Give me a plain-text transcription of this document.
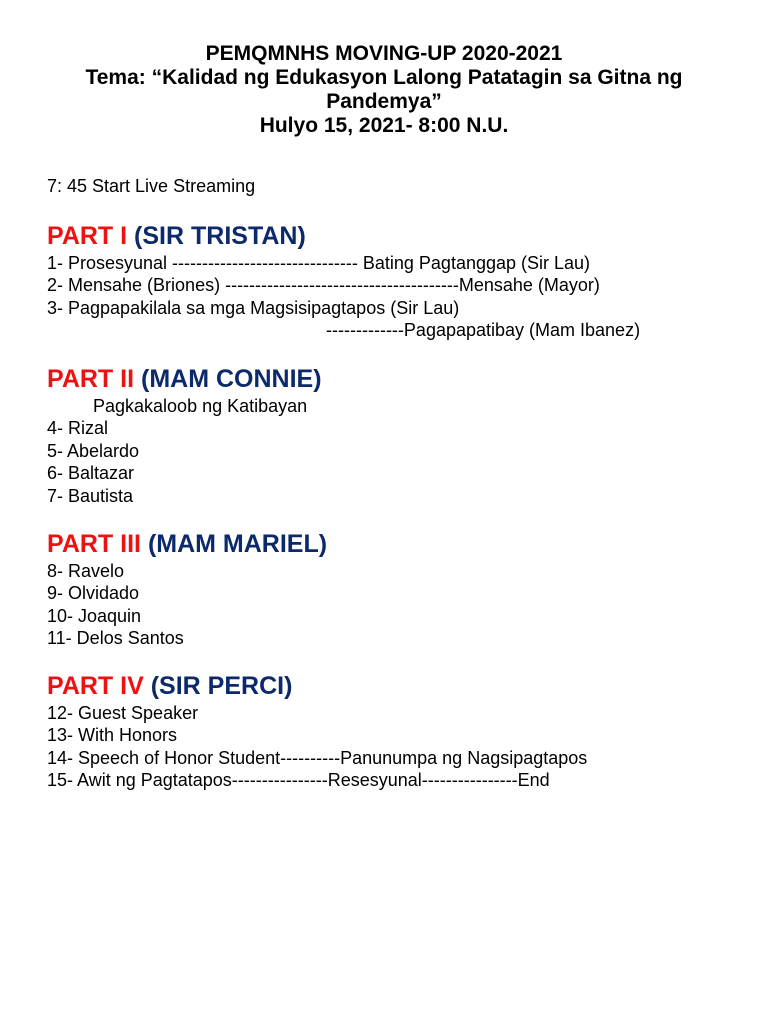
PEMQMNHS MOVING-UP 2020-2021
Tema: “Kalidad ng Edukasyon Lalong Patatagin sa Gitna ng
Pandemya”
Hulyo 15, 2021- 8:00 N.U.
7: 45 Start Live Streaming
PART I (SIR TRISTAN)
1- Prosesyunal ------------------------------- Bating Pagtanggap (Sir Lau)
2- Mensahe (Briones) ---------------------------------------Mensahe (Mayor)
3- Pagpapakilala sa mga Magsisipagtapos (Sir Lau)
-------------Pagapapatibay (Mam Ibanez)
PART II (MAM CONNIE)
Pagkakaloob ng Katibayan
4- Rizal
5- Abelardo
6- Baltazar
7- Bautista
PART III (MAM MARIEL)
8- Ravelo
9- Olvidado
10- Joaquin
11- Delos Santos
PART IV (SIR PERCI)
12- Guest Speaker
13- With Honors
14- Speech of Honor Student----------Panunumpa ng Nagsipagtapos
15- Awit ng Pagtatapos----------------Resesyunal----------------End
